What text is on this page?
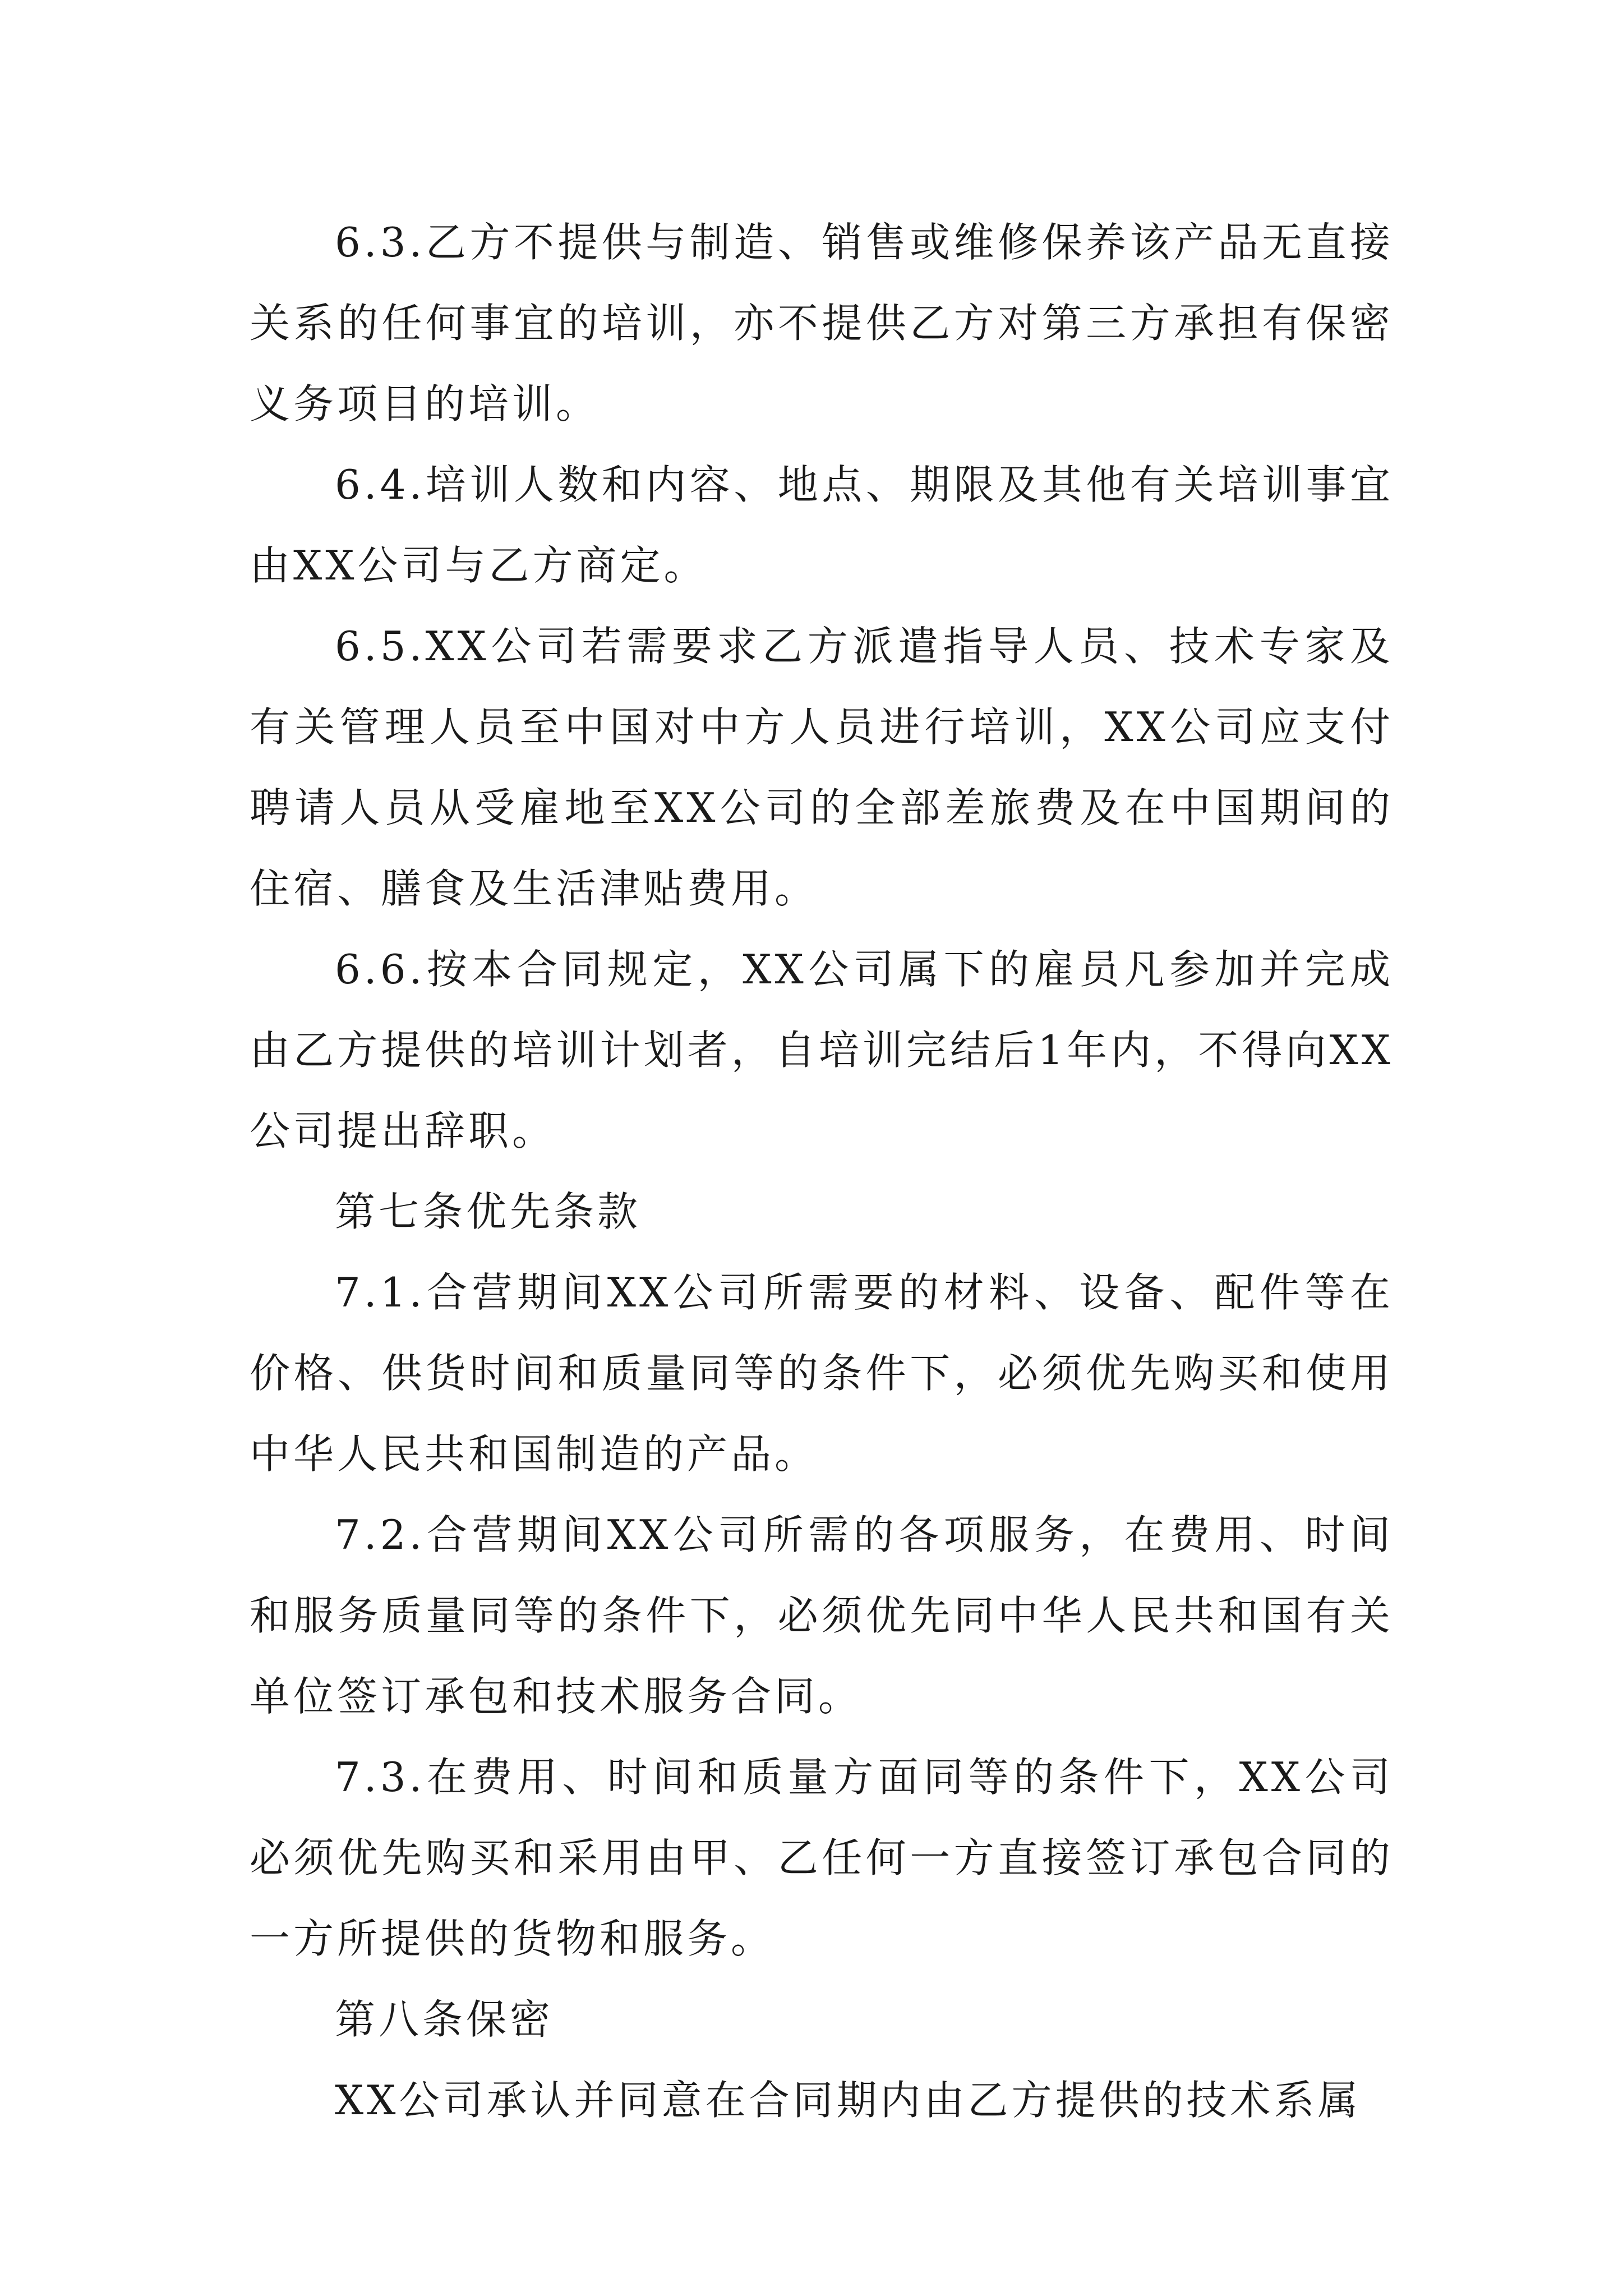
6.3.乙方不提供与制造、销售或维修保养该产品无直接关系的任何事宜的培训，亦不提供乙方对第三方承担有保密义务项目的培训。

6.4.培训人数和内容、地点、期限及其他有关培训事宜由XX公司与乙方商定。

6.5.XX公司若需要求乙方派遣指导人员、技术专家及有关管理人员至中国对中方人员进行培训，XX公司应支付聘请人员从受雇地至XX公司的全部差旅费及在中国期间的住宿、膳食及生活津贴费用。

6.6.按本合同规定，XX公司属下的雇员凡参加并完成由乙方提供的培训计划者，自培训完结后1年内，不得向XX公司提出辞职。

第七条优先条款

7.1.合营期间XX公司所需要的材料、设备、配件等在价格、供货时间和质量同等的条件下，必须优先购买和使用中华人民共和国制造的产品。

7.2.合营期间XX公司所需的各项服务，在费用、时间和服务质量同等的条件下，必须优先同中华人民共和国有关单位签订承包和技术服务合同。

7.3.在费用、时间和质量方面同等的条件下，XX公司必须优先购买和采用由甲、乙任何一方直接签订承包合同的一方所提供的货物和服务。

第八条保密

XX公司承认并同意在合同期内由乙方提供的技术系属
